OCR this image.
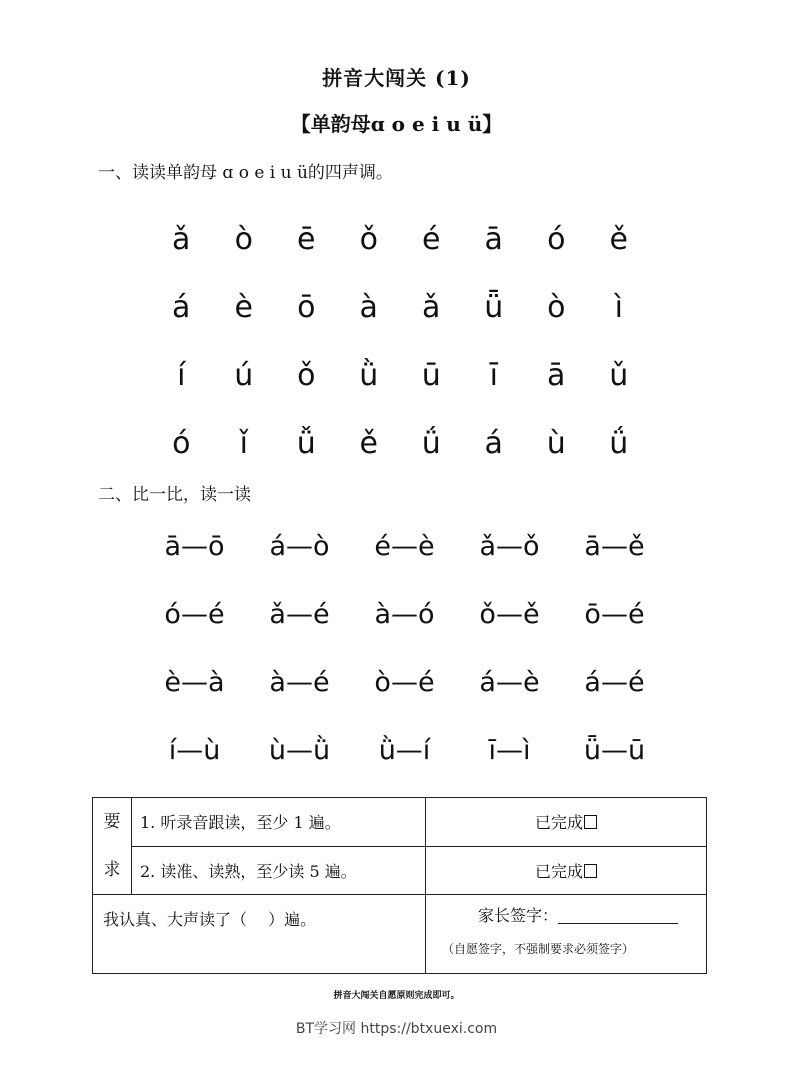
拼音大闯关 (1)
【单韵母ɑ o e i u ü】
一、读读单韵母 ɑ o e i u ü的四声调。
ǎ	ò	ē	ǒ	é	ā	ó	ě
á	è	ō	à	ǎ	ǖ	ò	ì
í	ú	ǒ	ǜ	ū	ī	ā	ǔ
ó	ǐ	ǚ	ě	ǘ	á	ù	ǘ
二、比一比，读一读
ā—ō	á—ò	é—è	ǎ—ǒ	ā—ě
ó—é	ǎ—é	à—ó	ǒ—ě	ō—é
è—à	à—é	ò—é	á—è	á—é
í—ù	ù—ǜ	ǜ—í	ī—ì	ǖ—ū
要
求	1. 听录音跟读，至少 1 遍。	已完成
	2. 读准、读熟，至少读 5 遍。	已完成
我认真、大声读了（　 ）遍。		家长签字：
（自愿签字，不强制要求必须签字）
拼音大闯关自愿原则完成即可。
BT学习网 https://btxuexi.com
